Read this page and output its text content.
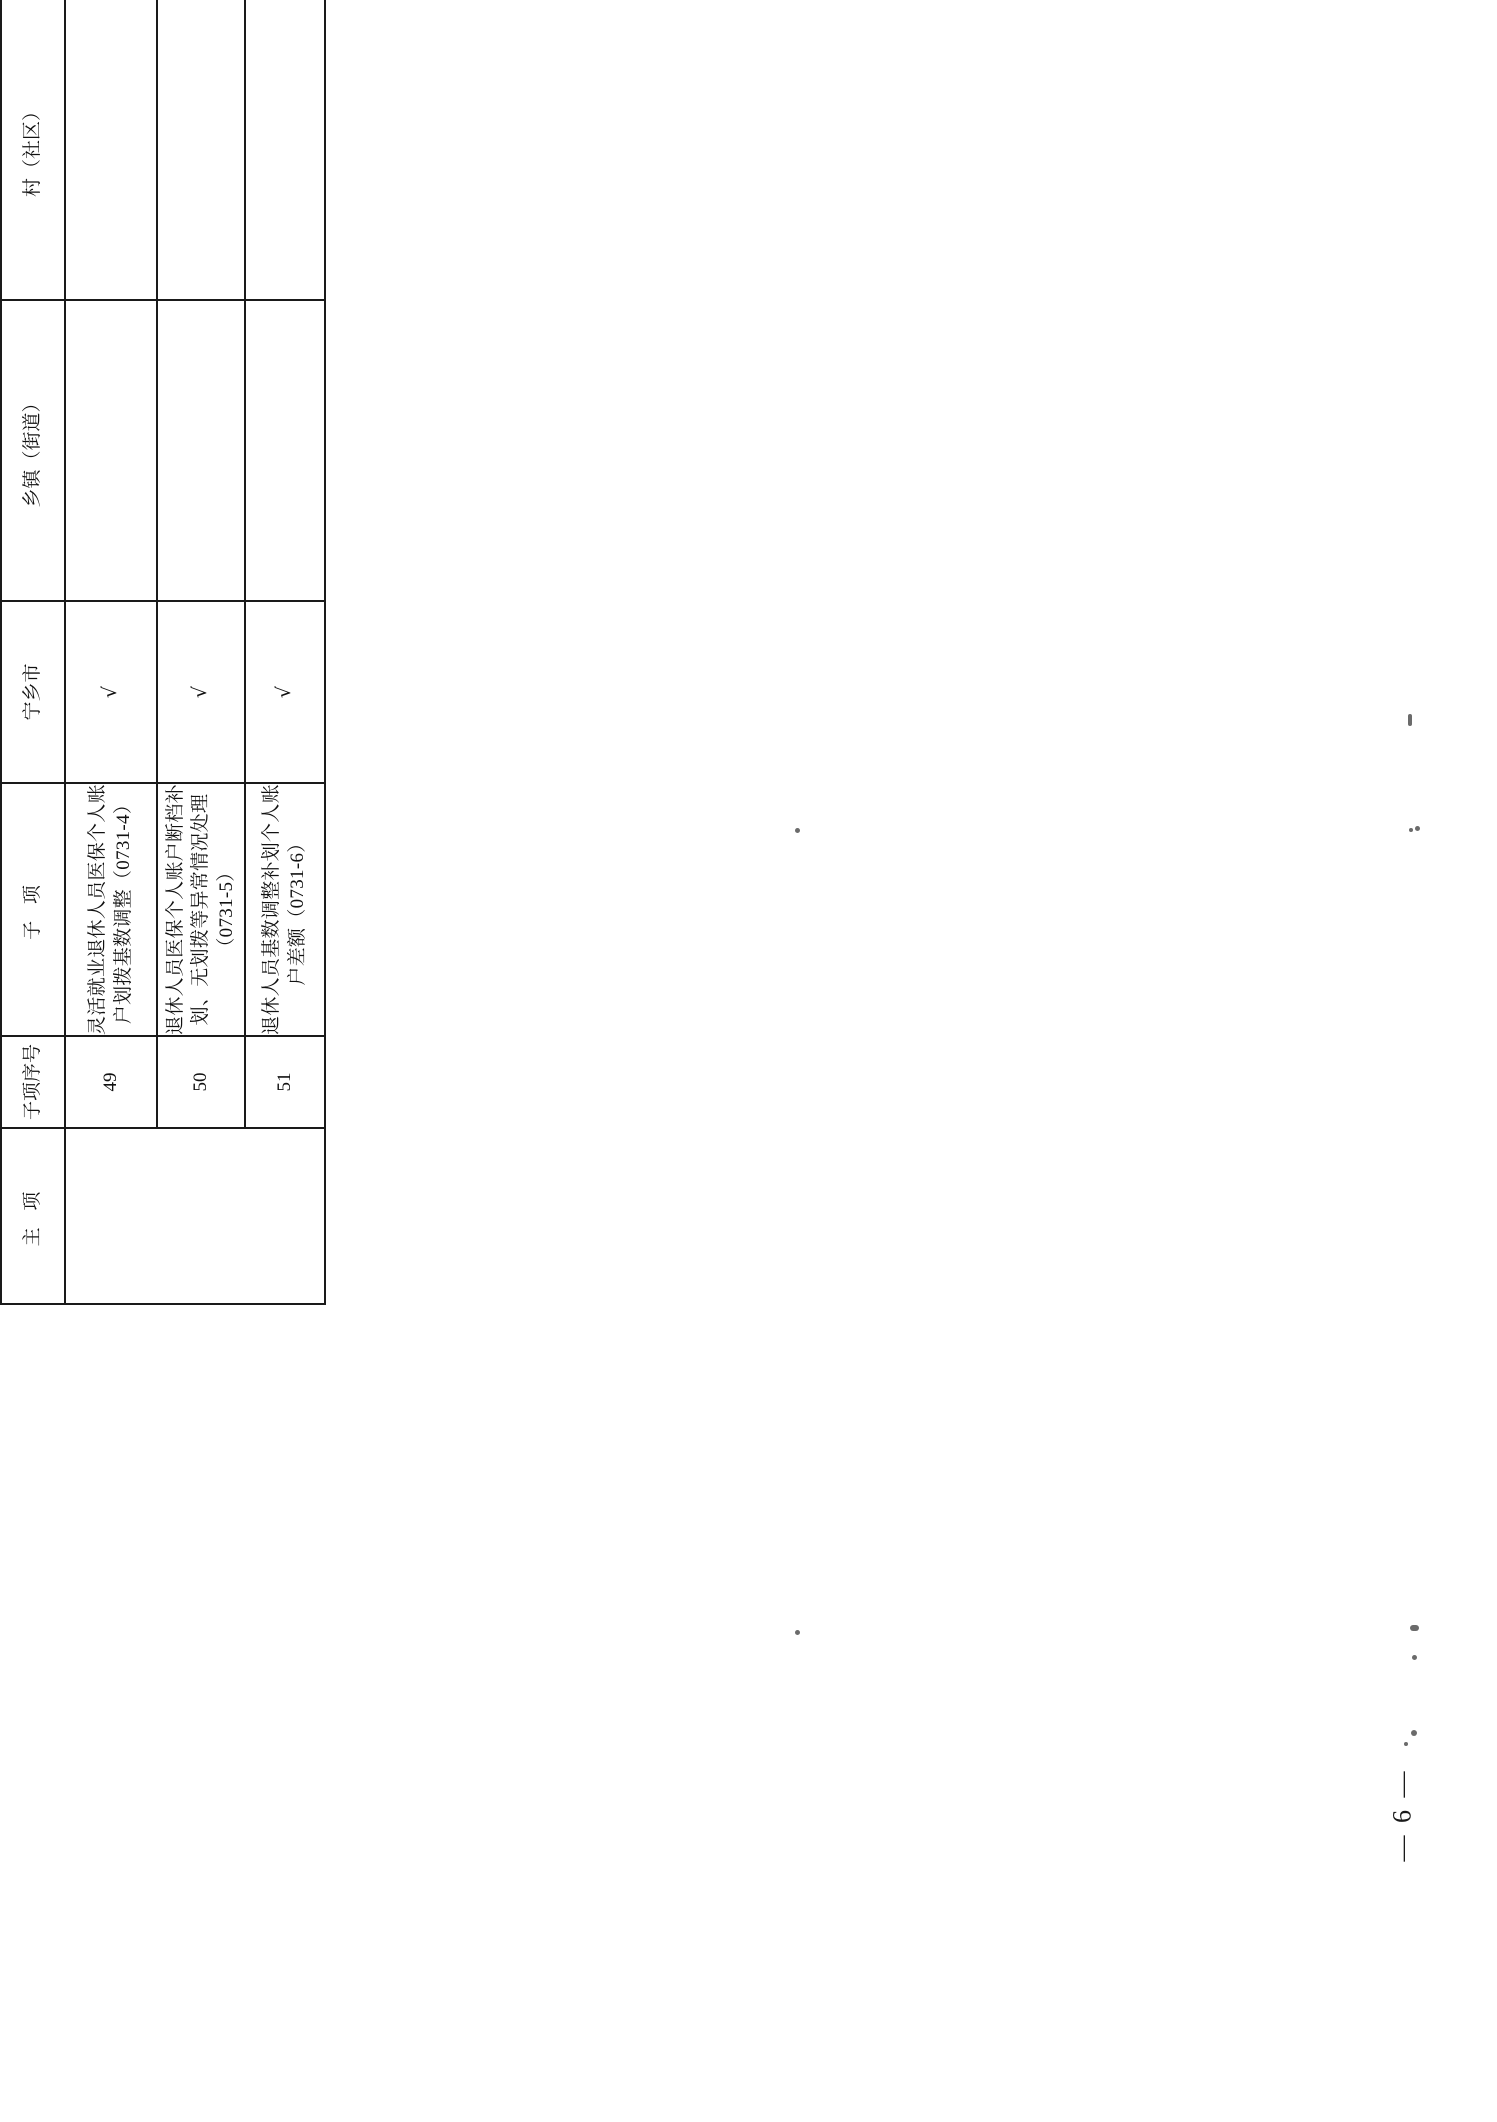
主 项	子项序号	子 项	宁乡市	乡镇（街道）	村（社区）
	49	灵活就业退休人员医保个人账户划拨基数调整（0731-4）	√		
	50	退休人员医保个人账户断档补划、无划拨等异常情况处理（0731-5）	√		
	51	退休人员基数调整补划个人账户差额（0731-6）	√		
— 6 —
